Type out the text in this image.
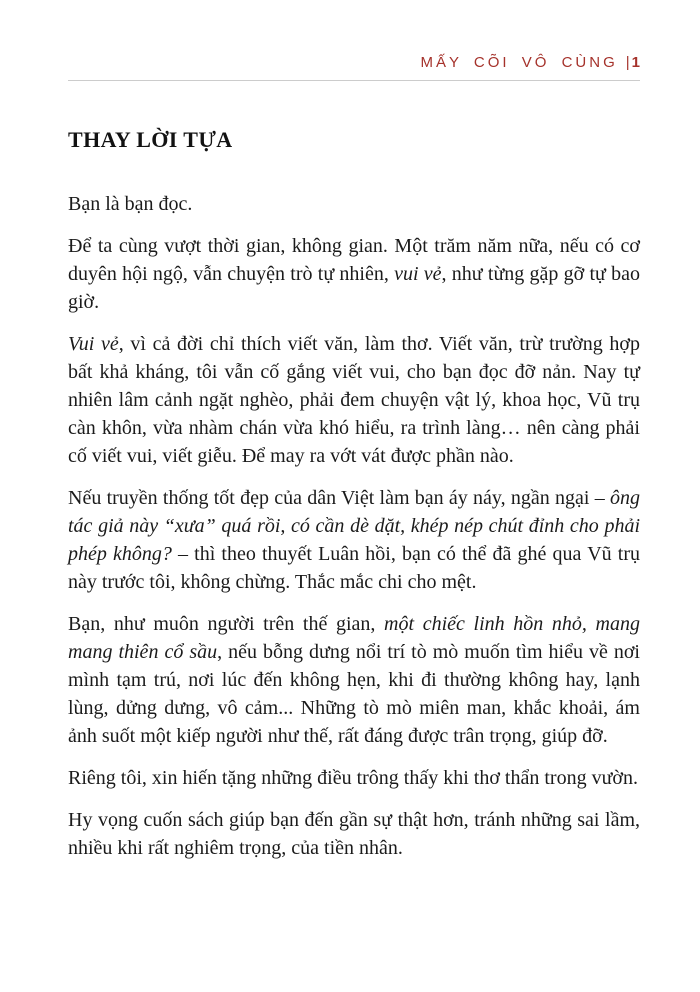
MẤY CÕI VÔ CÙNG | 1
THAY LỜI TỰA

Bạn là bạn đọc.

Để ta cùng vượt thời gian, không gian. Một trăm năm nữa, nếu có cơ duyên hội ngộ, vẫn chuyện trò tự nhiên, vui vẻ, như từng gặp gỡ tự bao giờ.

Vui vẻ, vì cả đời chỉ thích viết văn, làm thơ. Viết văn, trừ trường hợp bất khả kháng, tôi vẫn cố gắng viết vui, cho bạn đọc đỡ nản. Nay tự nhiên lâm cảnh ngặt nghèo, phải đem chuyện vật lý, khoa học, Vũ trụ càn khôn, vừa nhàm chán vừa khó hiểu, ra trình làng… nên càng phải cố viết vui, viết giễu. Để may ra vớt vát được phần nào.

Nếu truyền thống tốt đẹp của dân Việt làm bạn áy náy, ngần ngại – ông tác giả này “xưa” quá rồi, có cần dè dặt, khép nép chút đỉnh cho phải phép không? – thì theo thuyết Luân hồi, bạn có thể đã ghé qua Vũ trụ này trước tôi, không chừng. Thắc mắc chi cho mệt.

Bạn, như muôn người trên thế gian, một chiếc linh hồn nhỏ, mang mang thiên cổ sầu, nếu bỗng dưng nổi trí tò mò muốn tìm hiểu về nơi mình tạm trú, nơi lúc đến không hẹn, khi đi thường không hay, lạnh lùng, dửng dưng, vô cảm... Những tò mò miên man, khắc khoải, ám ảnh suốt một kiếp người như thế, rất đáng được trân trọng, giúp đỡ.

Riêng tôi, xin hiến tặng những điều trông thấy khi thơ thẩn trong vườn.

Hy vọng cuốn sách giúp bạn đến gần sự thật hơn, tránh những sai lầm, nhiều khi rất nghiêm trọng, của tiền nhân.
